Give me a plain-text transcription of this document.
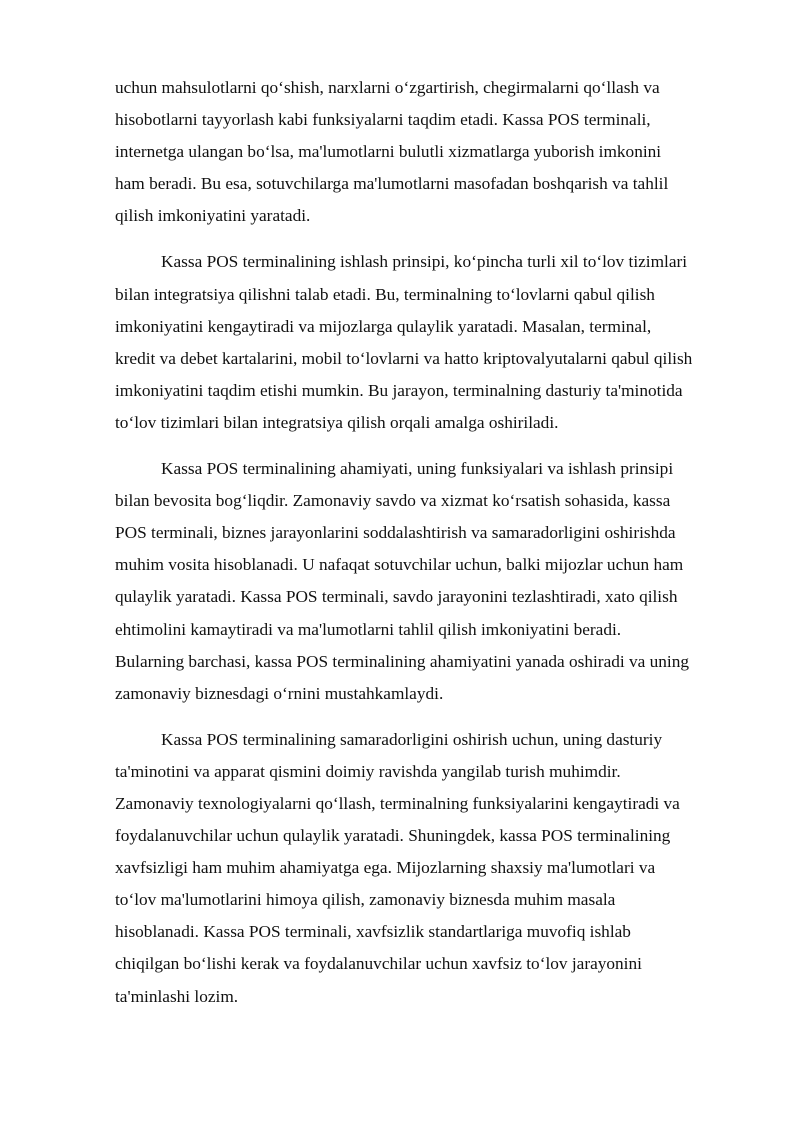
uchun mahsulotlarni qo‘shish, narxlarni o‘zgartirish, chegirmalarni qo‘llash va
hisobotlarni tayyorlash kabi funksiyalarni taqdim etadi. Kassa POS terminali,
internetga ulangan bo‘lsa, ma'lumotlarni bulutli xizmatlarga yuborish imkonini
ham beradi. Bu esa, sotuvchilarga ma'lumotlarni masofadan boshqarish va tahlil
qilish imkoniyatini yaratadi.

Kassa POS terminalining ishlash prinsipi, ko‘pincha turli xil to‘lov tizimlari
bilan integratsiya qilishni talab etadi. Bu, terminalning to‘lovlarni qabul qilish
imkoniyatini kengaytiradi va mijozlarga qulaylik yaratadi. Masalan, terminal,
kredit va debet kartalarini, mobil to‘lovlarni va hatto kriptovalyutalarni qabul qilish
imkoniyatini taqdim etishi mumkin. Bu jarayon, terminalning dasturiy ta'minotida
to‘lov tizimlari bilan integratsiya qilish orqali amalga oshiriladi.

Kassa POS terminalining ahamiyati, uning funksiyalari va ishlash prinsipi
bilan bevosita bog‘liqdir. Zamonaviy savdo va xizmat ko‘rsatish sohasida, kassa
POS terminali, biznes jarayonlarini soddalashtirish va samaradorligini oshirishda
muhim vosita hisoblanadi. U nafaqat sotuvchilar uchun, balki mijozlar uchun ham
qulaylik yaratadi. Kassa POS terminali, savdo jarayonini tezlashtiradi, xato qilish
ehtimolini kamaytiradi va ma'lumotlarni tahlil qilish imkoniyatini beradi.
Bularning barchasi, kassa POS terminalining ahamiyatini yanada oshiradi va uning
zamonaviy biznesdagi o‘rnini mustahkamlaydi.

Kassa POS terminalining samaradorligini oshirish uchun, uning dasturiy
ta'minotini va apparat qismini doimiy ravishda yangilab turish muhimdir.
Zamonaviy texnologiyalarni qo‘llash, terminalning funksiyalarini kengaytiradi va
foydalanuvchilar uchun qulaylik yaratadi. Shuningdek, kassa POS terminalining
xavfsizligi ham muhim ahamiyatga ega. Mijozlarning shaxsiy ma'lumotlari va
to‘lov ma'lumotlarini himoya qilish, zamonaviy biznesda muhim masala
hisoblanadi. Kassa POS terminali, xavfsizlik standartlariga muvofiq ishlab
chiqilgan bo‘lishi kerak va foydalanuvchilar uchun xavfsiz to‘lov jarayonini
ta'minlashi lozim.
